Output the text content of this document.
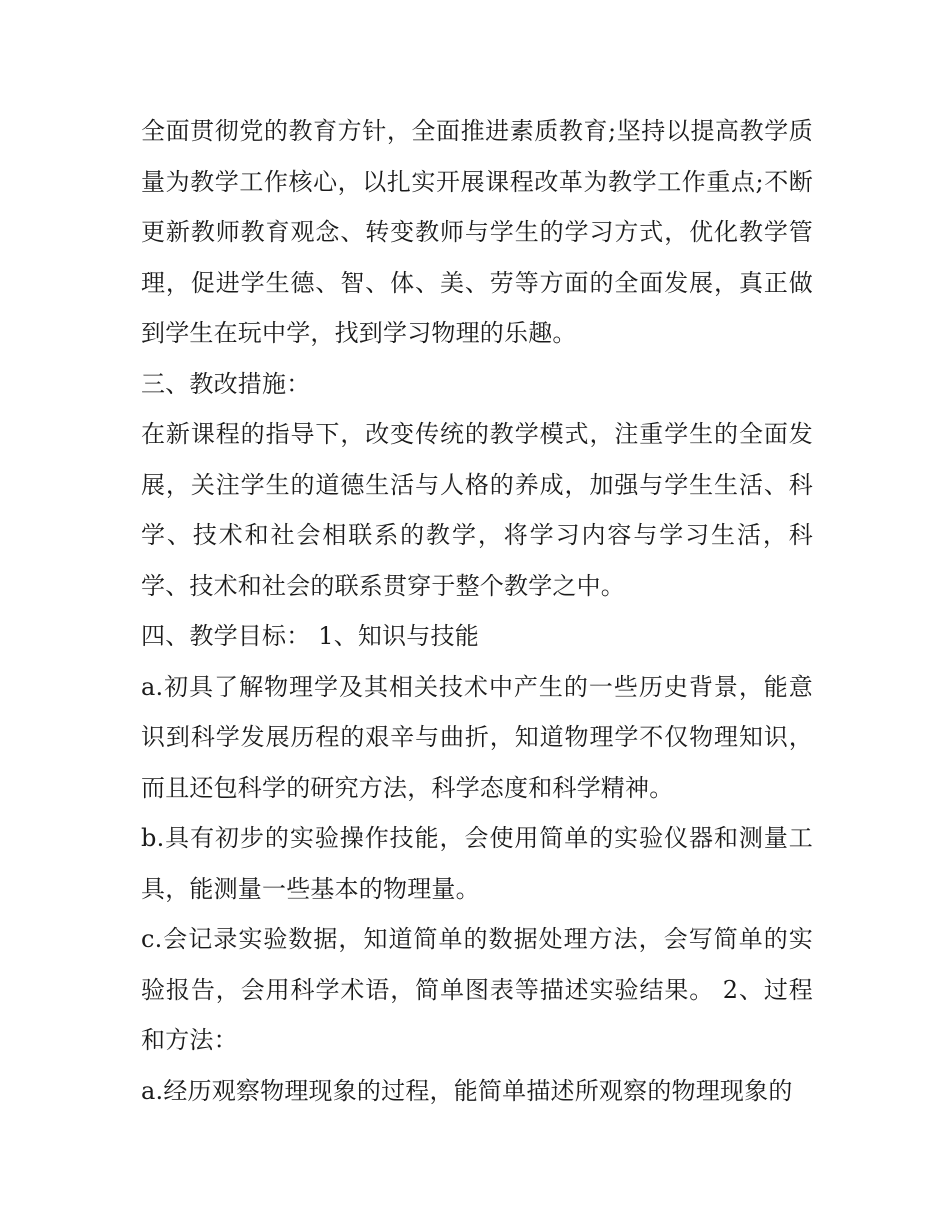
全面贯彻党的教育方针，全面推进素质教育;坚持以提高教学质量为教学工作核心，以扎实开展课程改革为教学工作重点;不断更新教师教育观念、转变教师与学生的学习方式，优化教学管理，促进学生德、智、体、美、劳等方面的全面发展，真正做到学生在玩中学，找到学习物理的乐趣。

三、教改措施：

在新课程的指导下，改变传统的教学模式，注重学生的全面发展，关注学生的道德生活与人格的养成，加强与学生生活、科学、技术和社会相联系的教学，将学习内容与学习生活，科学、技术和社会的联系贯穿于整个教学之中。

四、教学目标： 1、知识与技能

a.初具了解物理学及其相关技术中产生的一些历史背景，能意识到科学发展历程的艰辛与曲折，知道物理学不仅物理知识，而且还包科学的研究方法，科学态度和科学精神。

b.具有初步的实验操作技能，会使用简单的实验仪器和测量工具，能测量一些基本的物理量。

c.会记录实验数据，知道简单的数据处理方法，会写简单的实验报告，会用科学术语，简单图表等描述实验结果。 2、过程和方法：

a.经历观察物理现象的过程，能简单描述所观察的物理现象的
